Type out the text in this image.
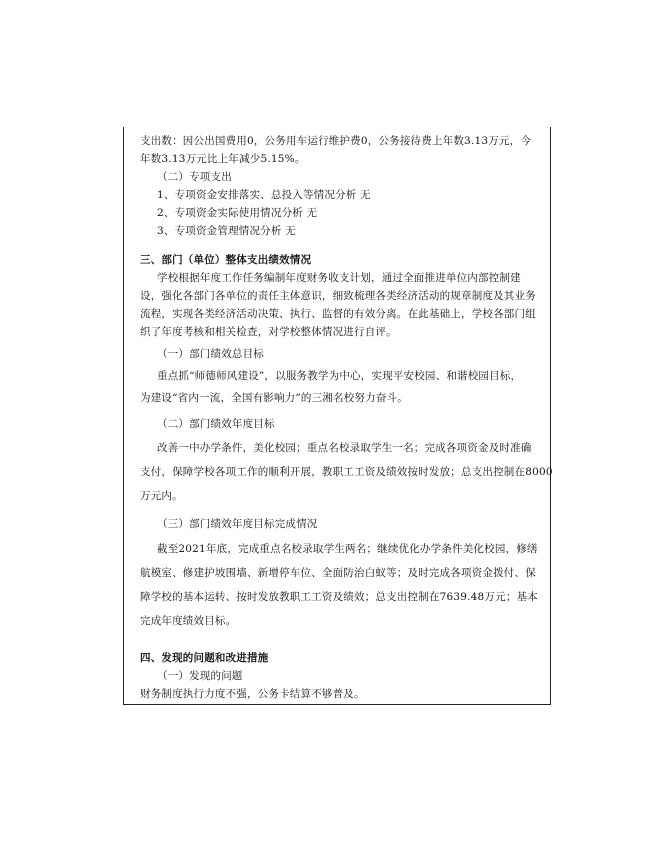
支出数：因公出国费用0，公务用车运行维护费0，公务接待费上年数3.13万元，今
年数3.13万元比上年减少5.15%。
（二）专项支出
1、专项资金安排落实、总投入等情况分析 无
2、专项资金实际使用情况分析 无
3、专项资金管理情况分析 无
三、部门（单位）整体支出绩效情况
学校根据年度工作任务编制年度财务收支计划，通过全面推进单位内部控制建
设，强化各部门各单位的责任主体意识，细致梳理各类经济活动的规章制度及其业务
流程，实现各类经济活动决策、执行、监督的有效分离。在此基础上，学校各部门组
织了年度考核和相关检查，对学校整体情况进行自评。
（一）部门绩效总目标
重点抓“师德师风建设”，以服务教学为中心，实现平安校园、和谐校园目标，
为建设“省内一流，全国有影响力”的三湘名校努力奋斗。
（二）部门绩效年度目标
改善一中办学条件，美化校园；重点名校录取学生一名；完成各项资金及时准确
支付，保障学校各项工作的顺利开展，教职工工资及绩效按时发放；总支出控制在8000
万元内。
（三）部门绩效年度目标完成情况
截至2021年底，完成重点名校录取学生两名；继续优化办学条件美化校园，修缮
航模室、修建护坡围墙、新增停车位、全面防治白蚁等；及时完成各项资金拨付、保
障学校的基本运转、按时发放教职工工资及绩效；总支出控制在7639.48万元；基本
完成年度绩效目标。
四、发现的问题和改进措施
（一）发现的问题
财务制度执行力度不强，公务卡结算不够普及。
